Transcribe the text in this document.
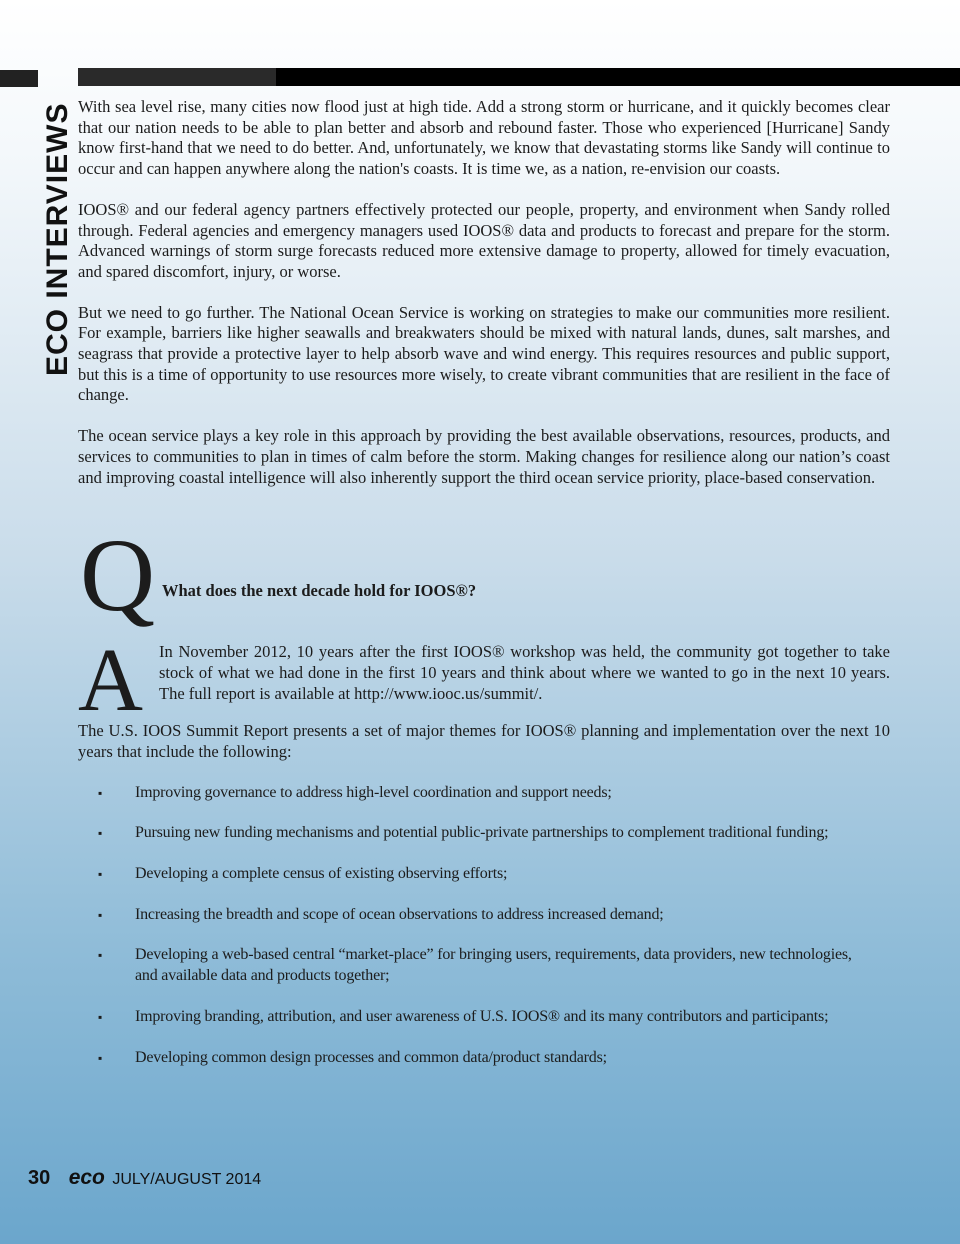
ECO INTERVIEWS With sea level rise, many cities now flood just at high tide. Add a strong storm or hurricane, and it quickly becomes clear that our nation needs to be able to plan better and absorb and rebound faster. Those who experienced [Hurricane] Sandy know first-hand that we need to do better. And, unfortunately, we know that devastating storms like Sandy will continue to occur and can happen anywhere along the nation's coasts. It is time we, as a nation, re-envision our coasts.

IOOS® and our federal agency partners effectively protected our people, property, and environment when Sandy rolled through. Federal agencies and emergency managers used IOOS® data and products to forecast and prepare for the storm. Advanced warnings of storm surge forecasts reduced more extensive damage to property, allowed for timely evacuation, and spared discomfort, injury, or worse.

But we need to go further. The National Ocean Service is working on strategies to make our communities more resilient. For example, barriers like higher seawalls and breakwaters should be mixed with natural lands, dunes, salt marshes, and seagrass that provide a protective layer to help absorb wave and wind energy. This requires resources and public support, but this is a time of opportunity to use resources more wisely, to create vibrant communities that are resilient in the face of change.

The ocean service plays a key role in this approach by providing the best available observations, resources, products, and services to communities to plan in times of calm before the storm. Making changes for resilience along our nation’s coast and improving coastal intelligence will also inherently support the third ocean service priority, place-based conservation.

Q What does the next decade hold for IOOS®?
A In November 2012, 10 years after the first IOOS® workshop was held, the community got together to take stock of what we had done in the first 10 years and think about where we wanted to go in the next 10 years. The full report is available at http://www.iooc.us/summit/.

The U.S. IOOS Summit Report presents a set of major themes for IOOS® planning and implementation over the next 10 years that include the following:

▪ Improving governance to address high-level coordination and support needs;
▪ Pursuing new funding mechanisms and potential public-private partnerships to complement traditional funding;
▪ Developing a complete census of existing observing efforts;
▪ Increasing the breadth and scope of ocean observations to address increased demand;
▪ Developing a web-based central “market-place” for bringing users, requirements, data providers, new technologies, and available data and products together;
▪ Improving branding, attribution, and user awareness of U.S. IOOS® and its many contributors and participants;
▪ Developing common design processes and common data/product standards;
30 eco JULY/AUGUST 2014
